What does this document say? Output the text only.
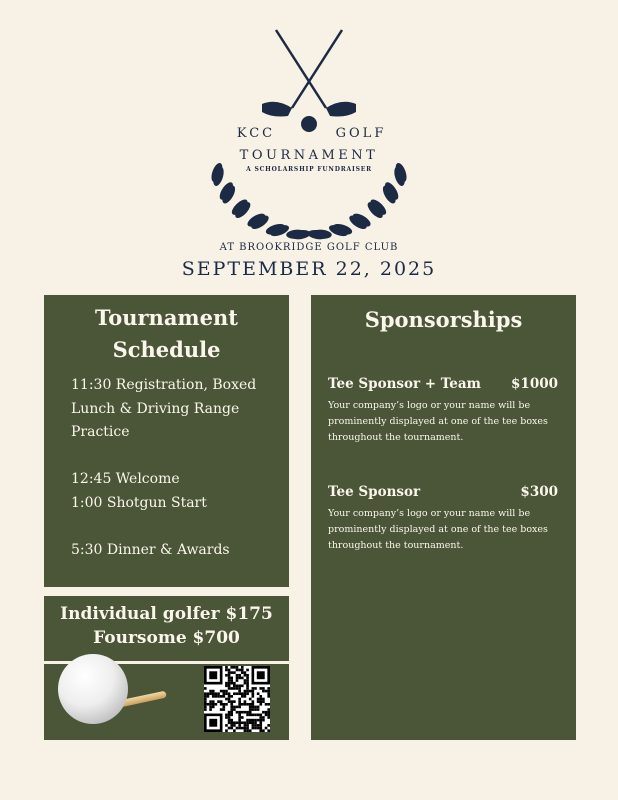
KCC	GOLF
TOURNAMENT
A SCHOLARSHIP FUNDRAISER
AT BROOKRIDGE GOLF CLUB
SEPTEMBER 22, 2025
Tournament
Schedule
11:30 Registration, Boxed
Lunch & Driving Range
Practice
12:45 Welcome
1:00 Shotgun Start
5:30 Dinner & Awards
Individual golfer $175
Foursome $700
Sponsorships
Tee Sponsor + Team $1000
Your company’s logo or your name will be
prominently displayed at one of the tee boxes
throughout the tournament.
Tee Sponsor	$300
Your company’s logo or your name will be
prominently displayed at one of the tee boxes
throughout the tournament.
